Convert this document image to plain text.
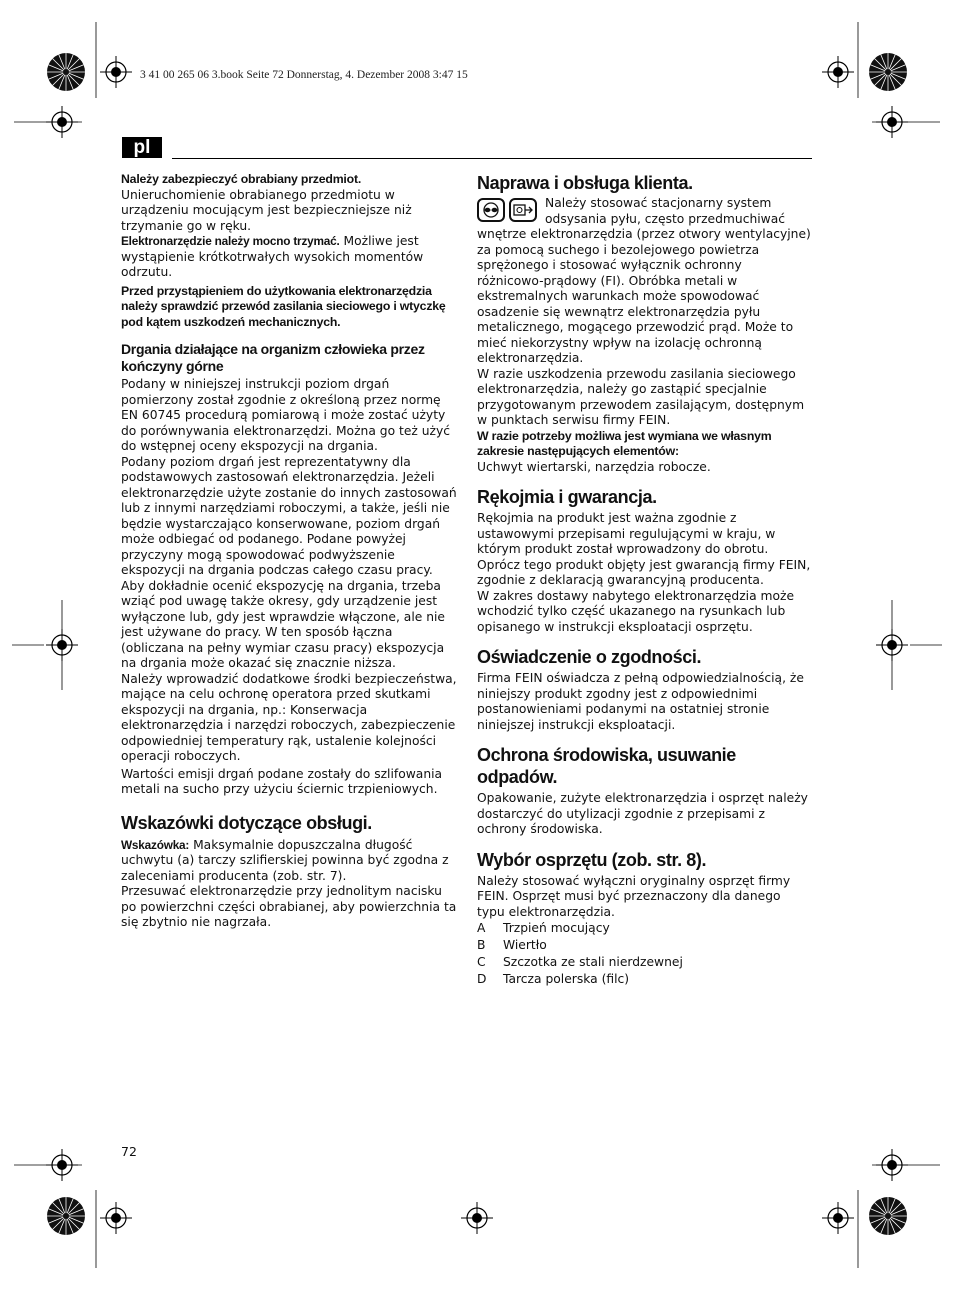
3 41 00 265 06 3.book Seite 72 Donnerstag, 4. Dezember 2008 3:47 15
pl

Należy zabezpieczyć obrabiany przedmiot.

Unieruchomienie obrabianego przedmiotu w urządzeniu mocującym jest bezpieczniejsze niż trzymanie go w ręku.

Elektronarzędzie należy mocno trzymać. Możliwe jest wystąpienie krótkotrwałych wysokich momentów odrzutu.

Przed przystąpieniem do użytkowania elektronarzędzia należy sprawdzić przewód zasilania sieciowego i wtyczkę pod kątem uszkodzeń mechanicznych.

Drgania działające na organizm człowieka przez kończyny górne

Podany w niniejszej instrukcji poziom drgań pomierzony został zgodnie z określoną przez normę EN 60745 procedurą pomiarową i może zostać użyty do porównywania elektronarzędzi. Można go też użyć do wstępnej oceny ekspozycji na drgania.

Podany poziom drgań jest reprezentatywny dla podstawowych zastosowań elektronarzędzia. Jeżeli elektronarzędzie użyte zostanie do innych zastosowań lub z innymi narzędziami roboczymi, a także, jeśli nie będzie wystarczająco konserwowane, poziom drgań może odbiegać od podanego. Podane powyżej przyczyny mogą spowodować podwyższenie ekspozycji na drgania podczas całego czasu pracy.

Aby dokładnie ocenić ekspozycję na drgania, trzeba wziąć pod uwagę także okresy, gdy urządzenie jest wyłączone lub, gdy jest wprawdzie włączone, ale nie jest używane do pracy. W ten sposób łączna (obliczana na pełny wymiar czasu pracy) ekspozycja na drgania może okazać się znacznie niższa.

Należy wprowadzić dodatkowe środki bezpieczeństwa, mające na celu ochronę operatora przed skutkami ekspozycji na drgania, np.: Konserwacja elektronarzędzia i narzędzi roboczych, zabezpieczenie odpowiedniej temperatury rąk, ustalenie kolejności operacji roboczych.

Wartości emisji drgań podane zostały do szlifowania metali na sucho przy użyciu ściernic trzpieniowych.

Wskazówki dotyczące obsługi.

Wskazówka: Maksymalnie dopuszczalna długość uchwytu (a) tarczy szlifierskiej powinna być zgodna z zaleceniami producenta (zob. str. 7).

Przesuwać elektronarzędzie przy jednolitym nacisku po powierzchni części obrabianej, aby powierzchnia ta się zbytnio nie nagrzała.

Naprawa i obsługa klienta.

Należy stosować stacjonarny system odsysania pyłu, często przedmuchiwać wnętrze elektronarzędzia (przez otwory wentylacyjne) za pomocą suchego i bezolejowego powietrza sprężonego i stosować wyłącznik ochronny różnicowo-prądowy (FI). Obróbka metali w ekstremalnych warunkach może spowodować osadzenie się wewnątrz elektronarzędzia pyłu metalicznego, mogącego przewodzić prąd. Może to mieć niekorzystny wpływ na izolację ochronną elektronarzędzia.

W razie uszkodzenia przewodu zasilania sieciowego elektronarzędzia, należy go zastąpić specjalnie przygotowanym przewodem zasilającym, dostępnym w punktach serwisu firmy FEIN.

W razie potrzeby możliwa jest wymiana we własnym zakresie następujących elementów:

Uchwyt wiertarski, narzędzia robocze.

Rękojmia i gwarancja.

Rękojmia na produkt jest ważna zgodnie z ustawowymi przepisami regulującymi w kraju, w którym produkt został wprowadzony do obrotu. Oprócz tego produkt objęty jest gwarancją firmy FEIN, zgodnie z deklaracją gwarancyjną producenta.

W zakres dostawy nabytego elektronarzędzia może wchodzić tylko część ukazanego na rysunkach lub opisanego w instrukcji eksploatacji osprzętu.

Oświadczenie o zgodności.

Firma FEIN oświadcza z pełną odpowiedzialnością, że niniejszy produkt zgodny jest z odpowiednimi postanowieniami podanymi na ostatniej stronie niniejszej instrukcji eksploatacji.

Ochrona środowiska, usuwanie odpadów.

Opakowanie, zużyte elektronarzędzia i osprzęt należy dostarczyć do utylizacji zgodnie z przepisami z ochrony środowiska.

Wybór osprzętu (zob. str. 8).

Należy stosować wyłączni oryginalny osprzęt firmy FEIN. Osprzęt musi być przeznaczony dla danego typu elektronarzędzia.

A	Trzpień mocujący
B	Wiertło
C	Szczotka ze stali nierdzewnej
D	Tarcza polerska (filc)
72
